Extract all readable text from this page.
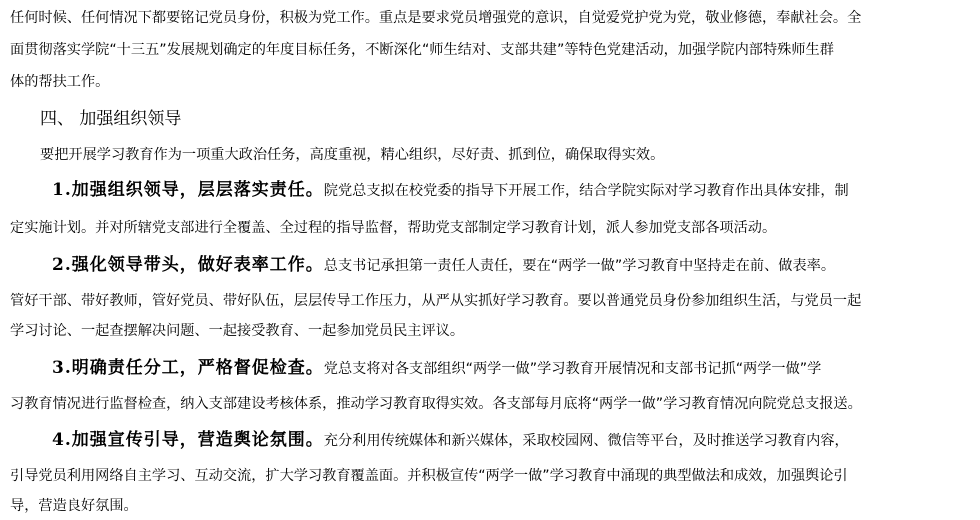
任何时候、任何情况下都要铭记党员身份，积极为党工作。重点是要求党员增强党的意识，自觉爱党护党为党，敬业修德，奉献社会。全
面贯彻落实学院“十三五”发展规划确定的年度目标任务，不断深化“师生结对、支部共建”等特色党建活动，加强学院内部特殊师生群
体的帮扶工作。
四、 加强组织领导
要把开展学习教育作为一项重大政治任务，高度重视，精心组织，尽好责、抓到位，确保取得实效。
1.加强组织领导，层层落实责任。院党总支拟在校党委的指导下开展工作，结合学院实际对学习教育作出具体安排，制
定实施计划。并对所辖党支部进行全覆盖、全过程的指导监督，帮助党支部制定学习教育计划，派人参加党支部各项活动。
2.强化领导带头，做好表率工作。总支书记承担第一责任人责任，要在“两学一做”学习教育中坚持走在前、做表率。
管好干部、带好教师，管好党员、带好队伍，层层传导工作压力，从严从实抓好学习教育。要以普通党员身份参加组织生活，与党员一起
学习讨论、一起查摆解决问题、一起接受教育、一起参加党员民主评议。
3.明确责任分工，严格督促检查。党总支将对各支部组织“两学一做”学习教育开展情况和支部书记抓“两学一做”学
习教育情况进行监督检查，纳入支部建设考核体系，推动学习教育取得实效。各支部每月底将“两学一做”学习教育情况向院党总支报送。
4.加强宣传引导，营造舆论氛围。充分利用传统媒体和新兴媒体，采取校园网、微信等平台，及时推送学习教育内容，
引导党员利用网络自主学习、互动交流，扩大学习教育覆盖面。并积极宣传“两学一做”学习教育中涌现的典型做法和成效，加强舆论引
导，营造良好氛围。
